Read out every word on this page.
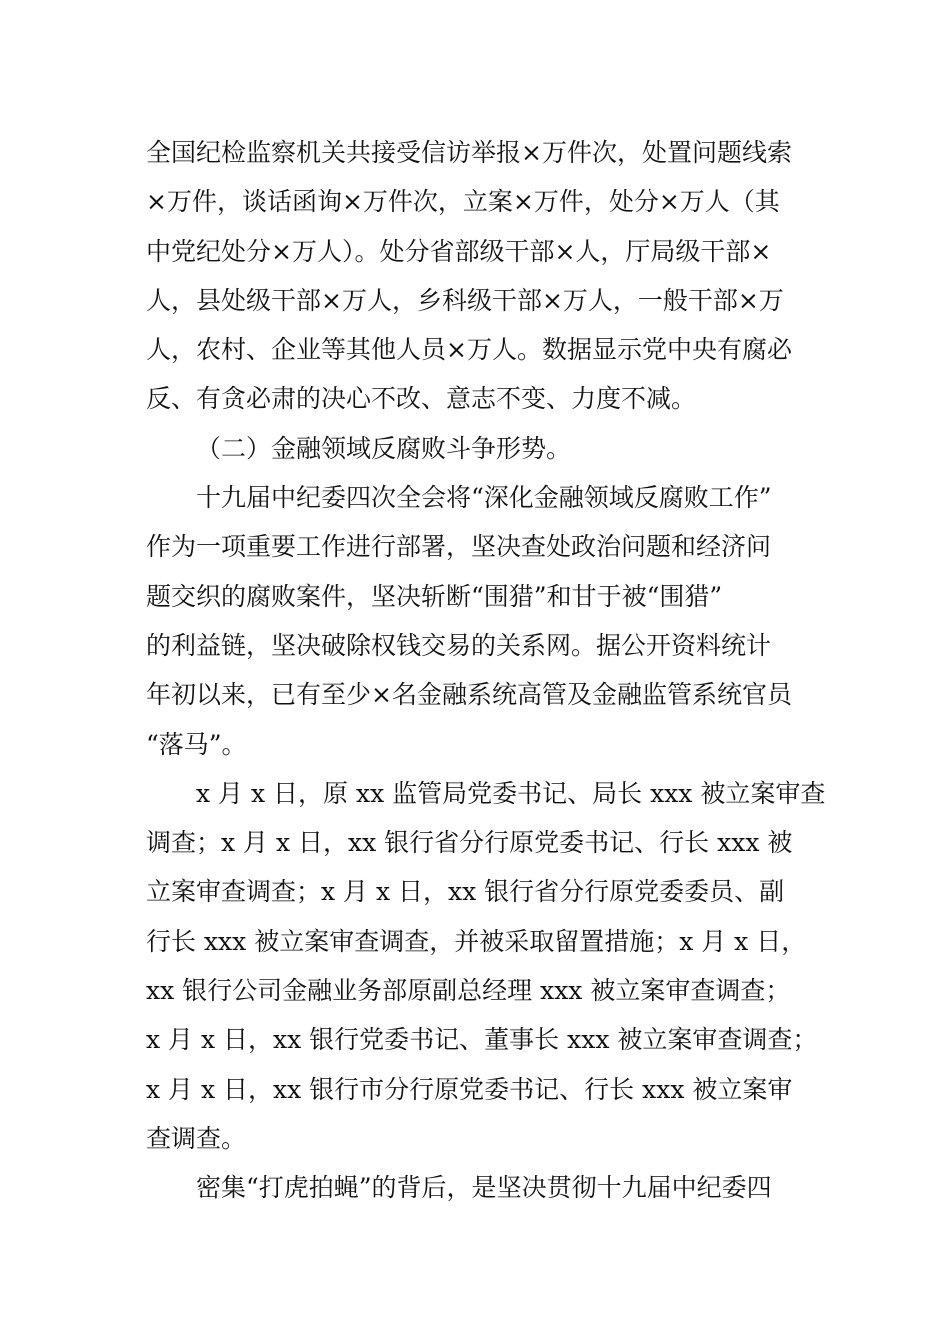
全国纪检监察机关共接受信访举报×万件次，处置问题线索
×万件，谈话函询×万件次，立案×万件，处分×万人（其
中党纪处分×万人）。处分省部级干部×人，厅局级干部×
人，县处级干部×万人，乡科级干部×万人，一般干部×万
人，农村、企业等其他人员×万人。数据显示党中央有腐必
反、有贪必肃的决心不改、意志不变、力度不减。
（二）金融领域反腐败斗争形势。
十九届中纪委四次全会将“深化金融领域反腐败工作”
作为一项重要工作进行部署，坚决查处政治问题和经济问
题交织的腐败案件，坚决斩断“围猎”和甘于被“围猎”
的利益链，坚决破除权钱交易的关系网。据公开资料统计
年初以来，已有至少×名金融系统高管及金融监管系统官员
“落马”。
x 月 x 日，原 xx 监管局党委书记、局长 xxx 被立案审查
调查；x 月 x 日，xx 银行省分行原党委书记、行长 xxx 被
立案审查调查；x 月 x 日，xx 银行省分行原党委委员、副
行长 xxx 被立案审查调查，并被采取留置措施；x 月 x 日，
xx 银行公司金融业务部原副总经理 xxx 被立案审查调查；
x 月 x 日，xx 银行党委书记、董事长 xxx 被立案审查调查；
x 月 x 日，xx 银行市分行原党委书记、行长 xxx 被立案审
查调查。
密集“打虎拍蝇”的背后，是坚决贯彻十九届中纪委四
